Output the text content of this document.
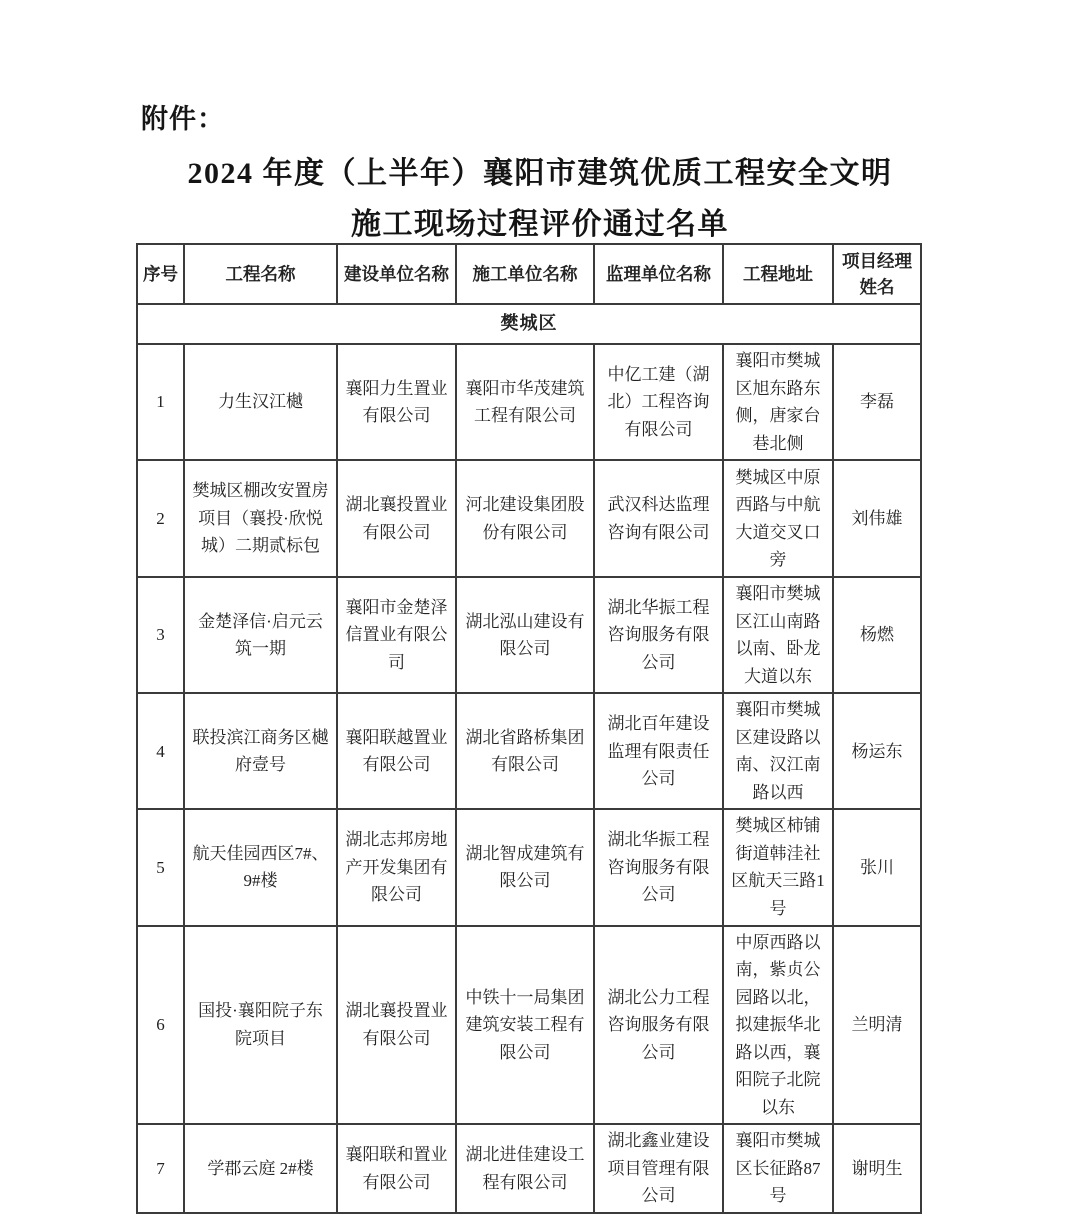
附件：
2024 年度（上半年）襄阳市建筑优质工程安全文明
施工现场过程评价通过名单
序号	工程名称	建设单位名称	施工单位名称	监理单位名称	工程地址	项目经理姓名
樊城区						
1	力生汉江樾	襄阳力生置业有限公司	襄阳市华茂建筑工程有限公司	中亿工建（湖北）工程咨询有限公司	襄阳市樊城区旭东路东侧，唐家台巷北侧	李磊
2	樊城区棚改安置房项目（襄投·欣悦城）二期贰标包	湖北襄投置业有限公司	河北建设集团股份有限公司	武汉科达监理咨询有限公司	樊城区中原西路与中航大道交叉口旁	刘伟雄
3	金楚泽信·启元云筑一期	襄阳市金楚泽信置业有限公司	湖北泓山建设有限公司	湖北华振工程咨询服务有限公司	襄阳市樊城区江山南路以南、卧龙大道以东	杨燃
4	联投滨江商务区樾府壹号	襄阳联越置业有限公司	湖北省路桥集团有限公司	湖北百年建设监理有限责任公司	襄阳市樊城区建设路以南、汉江南路以西	杨运东
5	航天佳园西区7#、9#楼	湖北志邦房地产开发集团有限公司	湖北智成建筑有限公司	湖北华振工程咨询服务有限公司	樊城区柿铺街道韩洼社区航天三路1号	张川
6	国投·襄阳院子东院项目	湖北襄投置业有限公司	中铁十一局集团建筑安装工程有限公司	湖北公力工程咨询服务有限公司	中原西路以南，紫贞公园路以北，拟建振华北路以西，襄阳院子北院以东	兰明清
7	学郡云庭 2#楼	襄阳联和置业有限公司	湖北进佳建设工程有限公司	湖北鑫业建设项目管理有限公司	襄阳市樊城区长征路87号	谢明生
